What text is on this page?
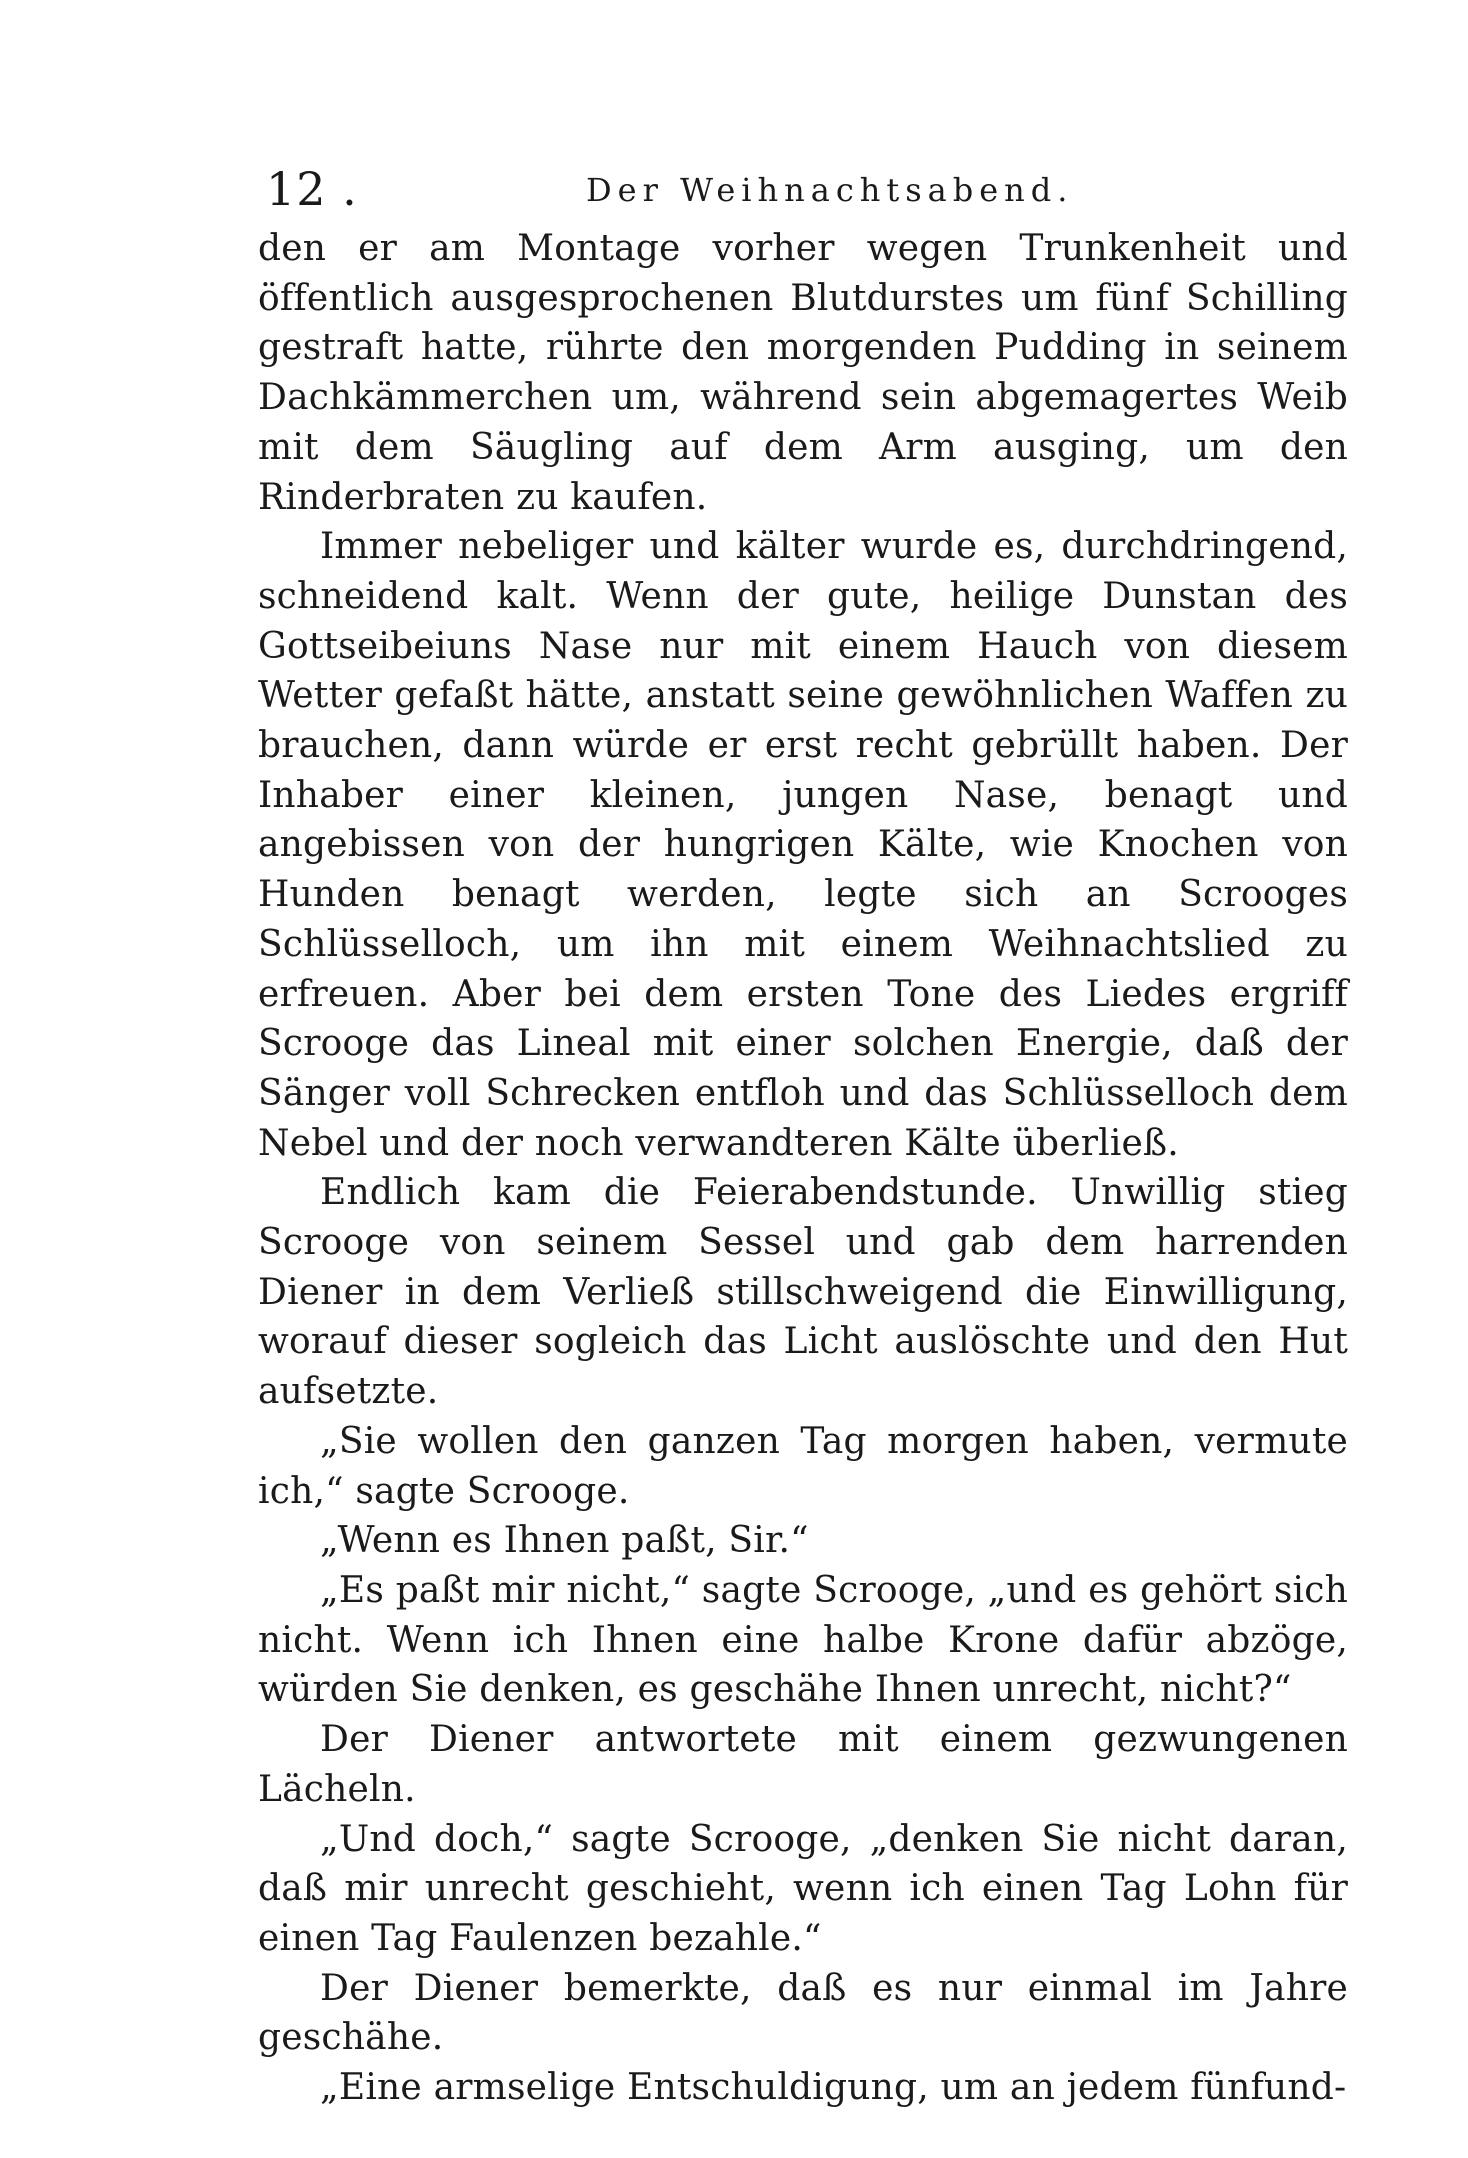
12 .	Der Weihnachtsabend.

den er am Montage vorher wegen Trunkenheit und öffentlich ausgesprochenen Blutdurstes um fünf Schilling gestraft hatte, rührte den morgenden Pudding in seinem Dachkämmerchen um, während sein abgemagertes Weib mit dem Säugling auf dem Arm ausging, um den Rinderbraten zu kaufen.

Immer nebeliger und kälter wurde es, durchdringend, schneidend kalt. Wenn der gute, heilige Dunstan des Gottseibeiuns Nase nur mit einem Hauch von diesem Wetter gefaßt hätte, anstatt seine gewöhnlichen Waffen zu brauchen, dann würde er erst recht gebrüllt haben. Der Inhaber einer kleinen, jungen Nase, benagt und angebissen von der hungrigen Kälte, wie Knochen von Hunden benagt werden, legte sich an Scrooges Schlüsselloch, um ihn mit einem Weihnachtslied zu erfreuen. Aber bei dem ersten Tone des Liedes ergriff Scrooge das Lineal mit einer solchen Energie, daß der Sänger voll Schrecken entfloh und das Schlüsselloch dem Nebel und der noch verwandteren Kälte überließ.

Endlich kam die Feierabendstunde. Unwillig stieg Scrooge von seinem Sessel und gab dem harrenden Diener in dem Verließ stillschweigend die Einwilligung, worauf dieser sogleich das Licht auslöschte und den Hut aufsetzte.

„Sie wollen den ganzen Tag morgen haben, vermute ich,“ sagte Scrooge.

„Wenn es Ihnen paßt, Sir.“

„Es paßt mir nicht,“ sagte Scrooge, „und es gehört sich nicht. Wenn ich Ihnen eine halbe Krone dafür abzöge, würden Sie denken, es geschähe Ihnen unrecht, nicht?“

Der Diener antwortete mit einem gezwungenen Lächeln.

„Und doch,“ sagte Scrooge, „denken Sie nicht daran, daß mir unrecht geschieht, wenn ich einen Tag Lohn für einen Tag Faulenzen bezahle.“

Der Diener bemerkte, daß es nur einmal im Jahre geschähe.

„Eine armselige Entschuldigung, um an jedem fünfund-
